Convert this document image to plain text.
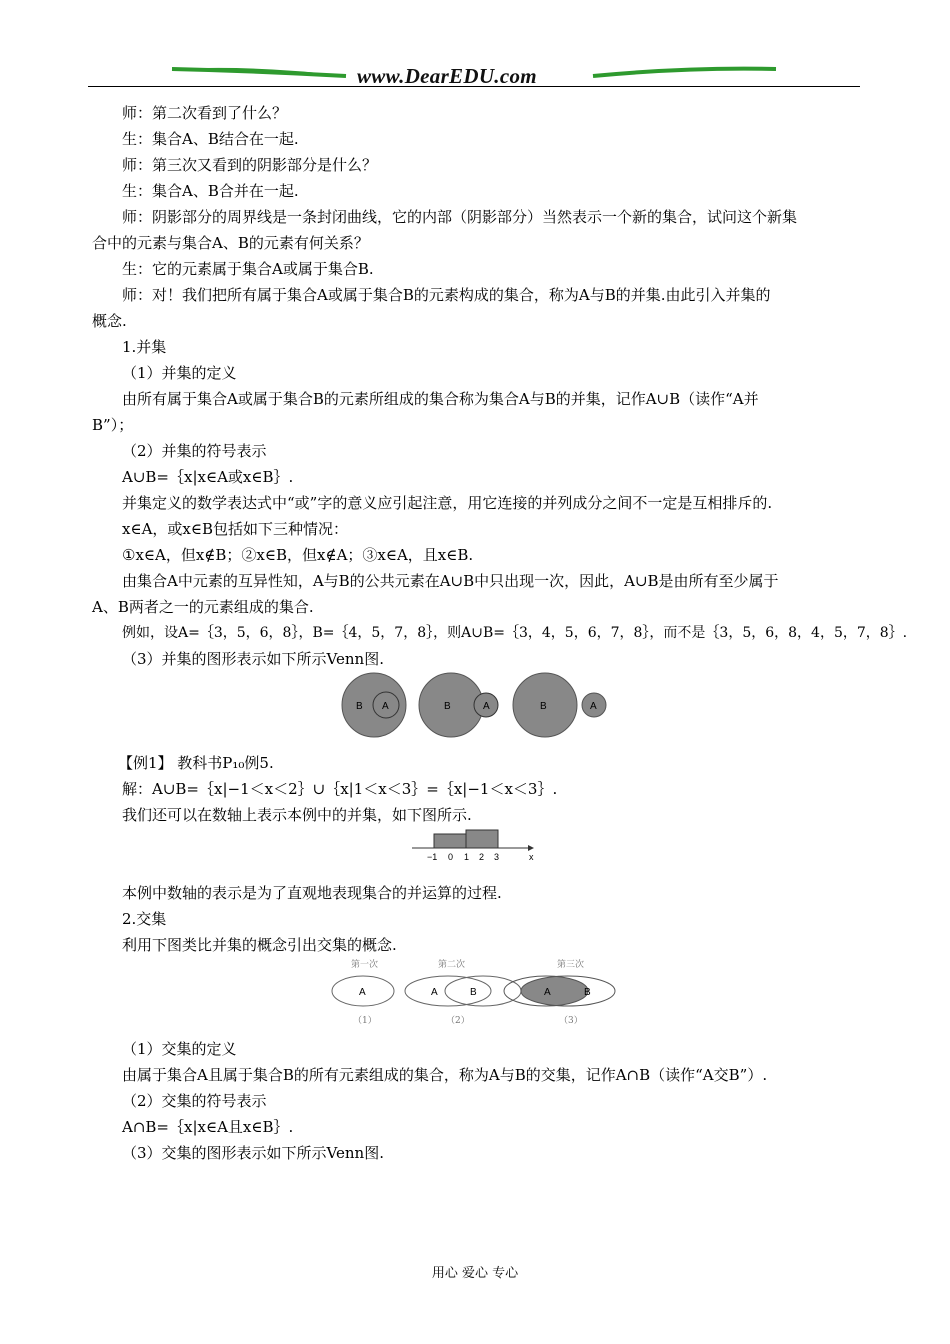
www.DearEDU.com
师：第二次看到了什么？
生：集合A、B结合在一起.
师：第三次又看到的阴影部分是什么？
生：集合A、B合并在一起.
师：阴影部分的周界线是一条封闭曲线，它的内部（阴影部分）当然表示一个新的集合，试问这个新集
合中的元素与集合A、B的元素有何关系？
生：它的元素属于集合A或属于集合B.
师：对！我们把所有属于集合A或属于集合B的元素构成的集合，称为A与B的并集.由此引入并集的
概念.
1.并集
（1）并集的定义
由所有属于集合A或属于集合B的元素所组成的集合称为集合A与B的并集，记作A∪B（读作“A并
B”）；
（2）并集的符号表示
A∪B=｛x|x∈A或x∈B｝.
并集定义的数学表达式中“或”字的意义应引起注意，用它连接的并列成分之间不一定是互相排斥的.
x∈A，或x∈B包括如下三种情况：
①x∈A，但x∉B；②x∈B，但x∉A；③x∈A，且x∈B.
由集合A中元素的互异性知，A与B的公共元素在A∪B中只出现一次，因此，A∪B是由所有至少属于
A、B两者之一的元素组成的集合.
例如，设A=｛3，5，6，8｝，B=｛4，5，7，8｝，则A∪B=｛3，4，5，6，7，8｝，而不是｛3，5，6，8，4，5，7，8｝.
（3）并集的图形表示如下所示Venn图.
B A	B	A	B	A
【例1】 教科书P₁₀例5.
解：A∪B=｛x|−1＜x＜2｝∪｛x|1＜x＜3｝=｛x|−1＜x＜3｝.
我们还可以在数轴上表示本例中的并集，如下图所示.
−1 0 1 2 3	x
本例中数轴的表示是为了直观地表现集合的并运算的过程.
2.交集
利用下图类比并集的概念引出交集的概念.
第一次	第二次	第三次
A	A	B	A	B
（1）	（2）	（3）
（1）交集的定义
由属于集合A且属于集合B的所有元素组成的集合，称为A与B的交集，记作A∩B（读作“A交B”）.
（2）交集的符号表示
A∩B=｛x|x∈A且x∈B｝.
（3）交集的图形表示如下所示Venn图.
用心 爱心 专心
